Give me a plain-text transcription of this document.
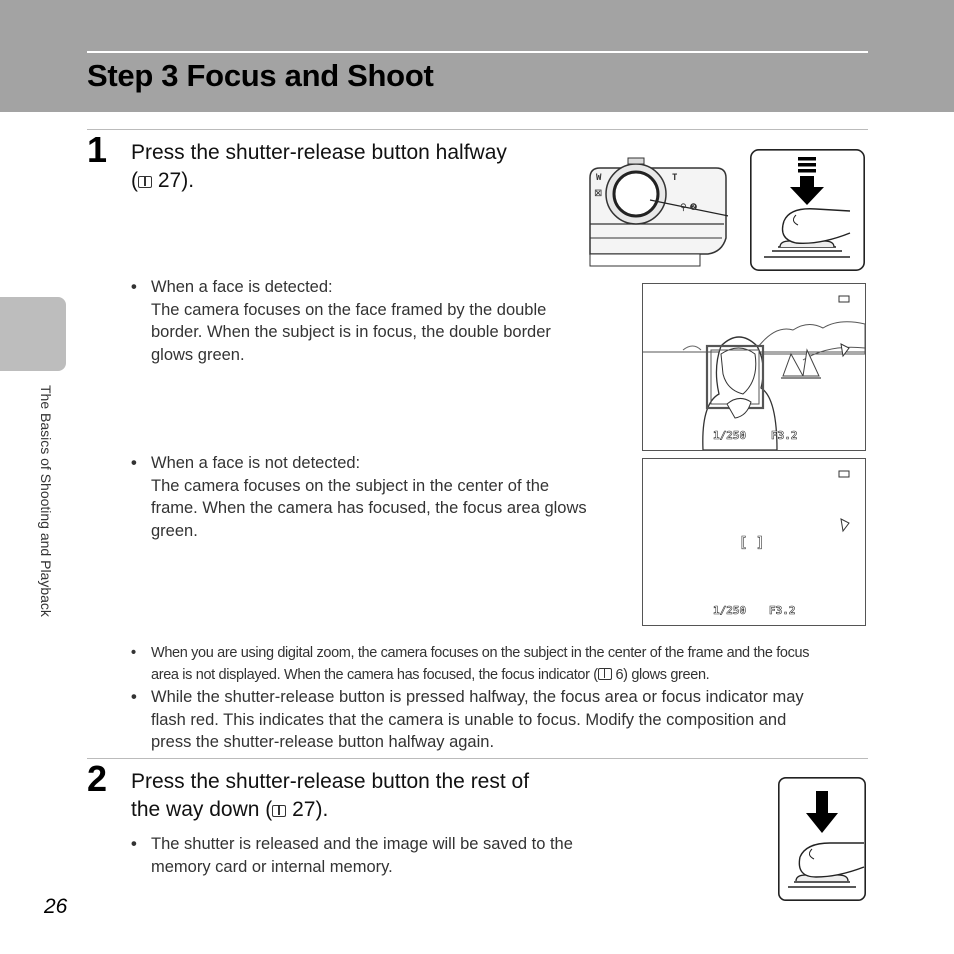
Step 3 Focus and Shoot
The Basics of Shooting and Playback
1 Press the shutter-release button halfway
( 27).

⚲ ❷
W	T
⊠
• When a face is detected:

The camera focuses on the face framed by the double

border. When the subject is in focus, the double border

glows green.

1/250 F3.2
• When a face is not detected:

The camera focuses on the subject in the center of the

frame. When the camera has focused, the focus area glows

green.

[ ]
1/250 F3.2
• When you are using digital zoom, the camera focuses on the subject in the center of the frame and the focus

area is not displayed. When the camera has focused, the focus indicator ( 6) glows green.

• While the shutter-release button is pressed halfway, the focus area or focus indicator may

flash red. This indicates that the camera is unable to focus. Modify the composition and

press the shutter-release button halfway again.

2 Press the shutter-release button the rest of
the way down ( 27).

• The shutter is released and the image will be saved to the

memory card or internal memory.

26
